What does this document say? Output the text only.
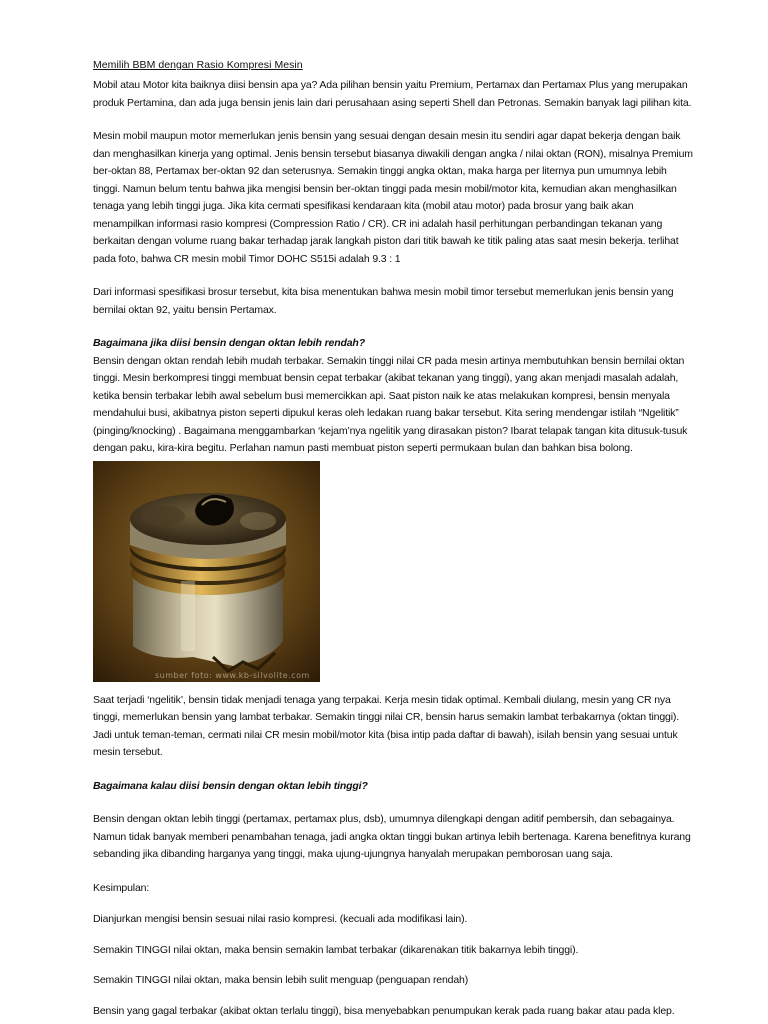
Memilih BBM dengan Rasio Kompresi Mesin

Mobil atau Motor kita baiknya diisi bensin apa ya? Ada pilihan bensin yaitu Premium, Pertamax dan Pertamax Plus yang merupakan produk Pertamina, dan ada juga bensin jenis lain dari perusahaan asing seperti Shell dan Petronas. Semakin banyak lagi pilihan kita.

Mesin mobil maupun motor memerlukan jenis bensin yang sesuai dengan desain mesin itu sendiri agar dapat bekerja dengan baik dan menghasilkan kinerja yang optimal. Jenis bensin tersebut biasanya diwakili dengan angka / nilai oktan (RON), misalnya Premium ber-oktan 88, Pertamax ber-oktan 92 dan seterusnya. Semakin tinggi angka oktan, maka harga per liternya pun umumnya lebih tinggi. Namun belum tentu bahwa jika mengisi bensin ber-oktan tinggi pada mesin mobil/motor kita, kemudian akan menghasilkan tenaga yang lebih tinggi juga. Jika kita cermati spesifikasi kendaraan kita (mobil atau motor) pada brosur yang baik akan menampilkan informasi rasio kompresi (Compression Ratio / CR). CR ini adalah hasil perhitungan perbandingan tekanan yang berkaitan dengan volume ruang bakar terhadap jarak langkah piston dari titik bawah ke titik paling atas saat mesin bekerja. terlihat pada foto, bahwa CR mesin mobil Timor DOHC S515i adalah 9.3 : 1

Dari informasi spesifikasi brosur tersebut, kita bisa menentukan bahwa mesin mobil timor tersebut memerlukan jenis bensin yang bernilai oktan 92, yaitu bensin Pertamax.

Bagaimana jika diisi bensin dengan oktan lebih rendah?

Bensin dengan oktan rendah lebih mudah terbakar. Semakin tinggi nilai CR pada mesin artinya membutuhkan bensin bernilai oktan tinggi. Mesin berkompresi tinggi membuat bensin cepat terbakar (akibat tekanan yang tinggi), yang akan menjadi masalah adalah, ketika bensin terbakar lebih awal sebelum busi memercikkan api. Saat piston naik ke atas melakukan kompresi, bensin menyala mendahului busi, akibatnya piston seperti dipukul keras oleh ledakan ruang bakar tersebut. Kita sering mendengar istilah “Ngelitik” (pinging/knocking) . Bagaimana menggambarkan ‘kejam’nya ngelitik yang dirasakan piston? Ibarat telapak tangan kita ditusuk-tusuk dengan paku, kira-kira begitu. Perlahan namun pasti membuat piston seperti permukaan bulan dan bahkan bisa bolong.

sumber foto: www.kb-silvolite.com

Saat terjadi ‘ngelitik’, bensin tidak menjadi tenaga yang terpakai. Kerja mesin tidak optimal. Kembali diulang, mesin yang CR nya tinggi, memerlukan bensin yang lambat terbakar. Semakin tinggi nilai CR, bensin harus semakin lambat terbakarnya (oktan tinggi). Jadi untuk teman-teman, cermati nilai CR mesin mobil/motor kita (bisa intip pada daftar di bawah), isilah bensin yang sesuai untuk mesin tersebut.

Bagaimana kalau diisi bensin dengan oktan lebih tinggi?

Bensin dengan oktan lebih tinggi (pertamax, pertamax plus, dsb), umumnya dilengkapi dengan aditif pembersih, dan sebagainya. Namun tidak banyak memberi penambahan tenaga, jadi angka oktan tinggi bukan artinya lebih bertenaga. Karena benefitnya kurang sebanding jika dibanding harganya yang tinggi, maka ujung-ujungnya hanyalah merupakan pemborosan uang saja.

Kesimpulan:

Dianjurkan mengisi bensin sesuai nilai rasio kompresi. (kecuali ada modifikasi lain).

Semakin TINGGI nilai oktan, maka bensin semakin lambat terbakar (dikarenakan titik bakarnya lebih tinggi).

Semakin TINGGI nilai oktan, maka bensin lebih sulit menguap (penguapan rendah)

Bensin yang gagal terbakar (akibat oktan terlalu tinggi), bisa menyebabkan penumpukan kerak pada ruang bakar atau pada klep.
